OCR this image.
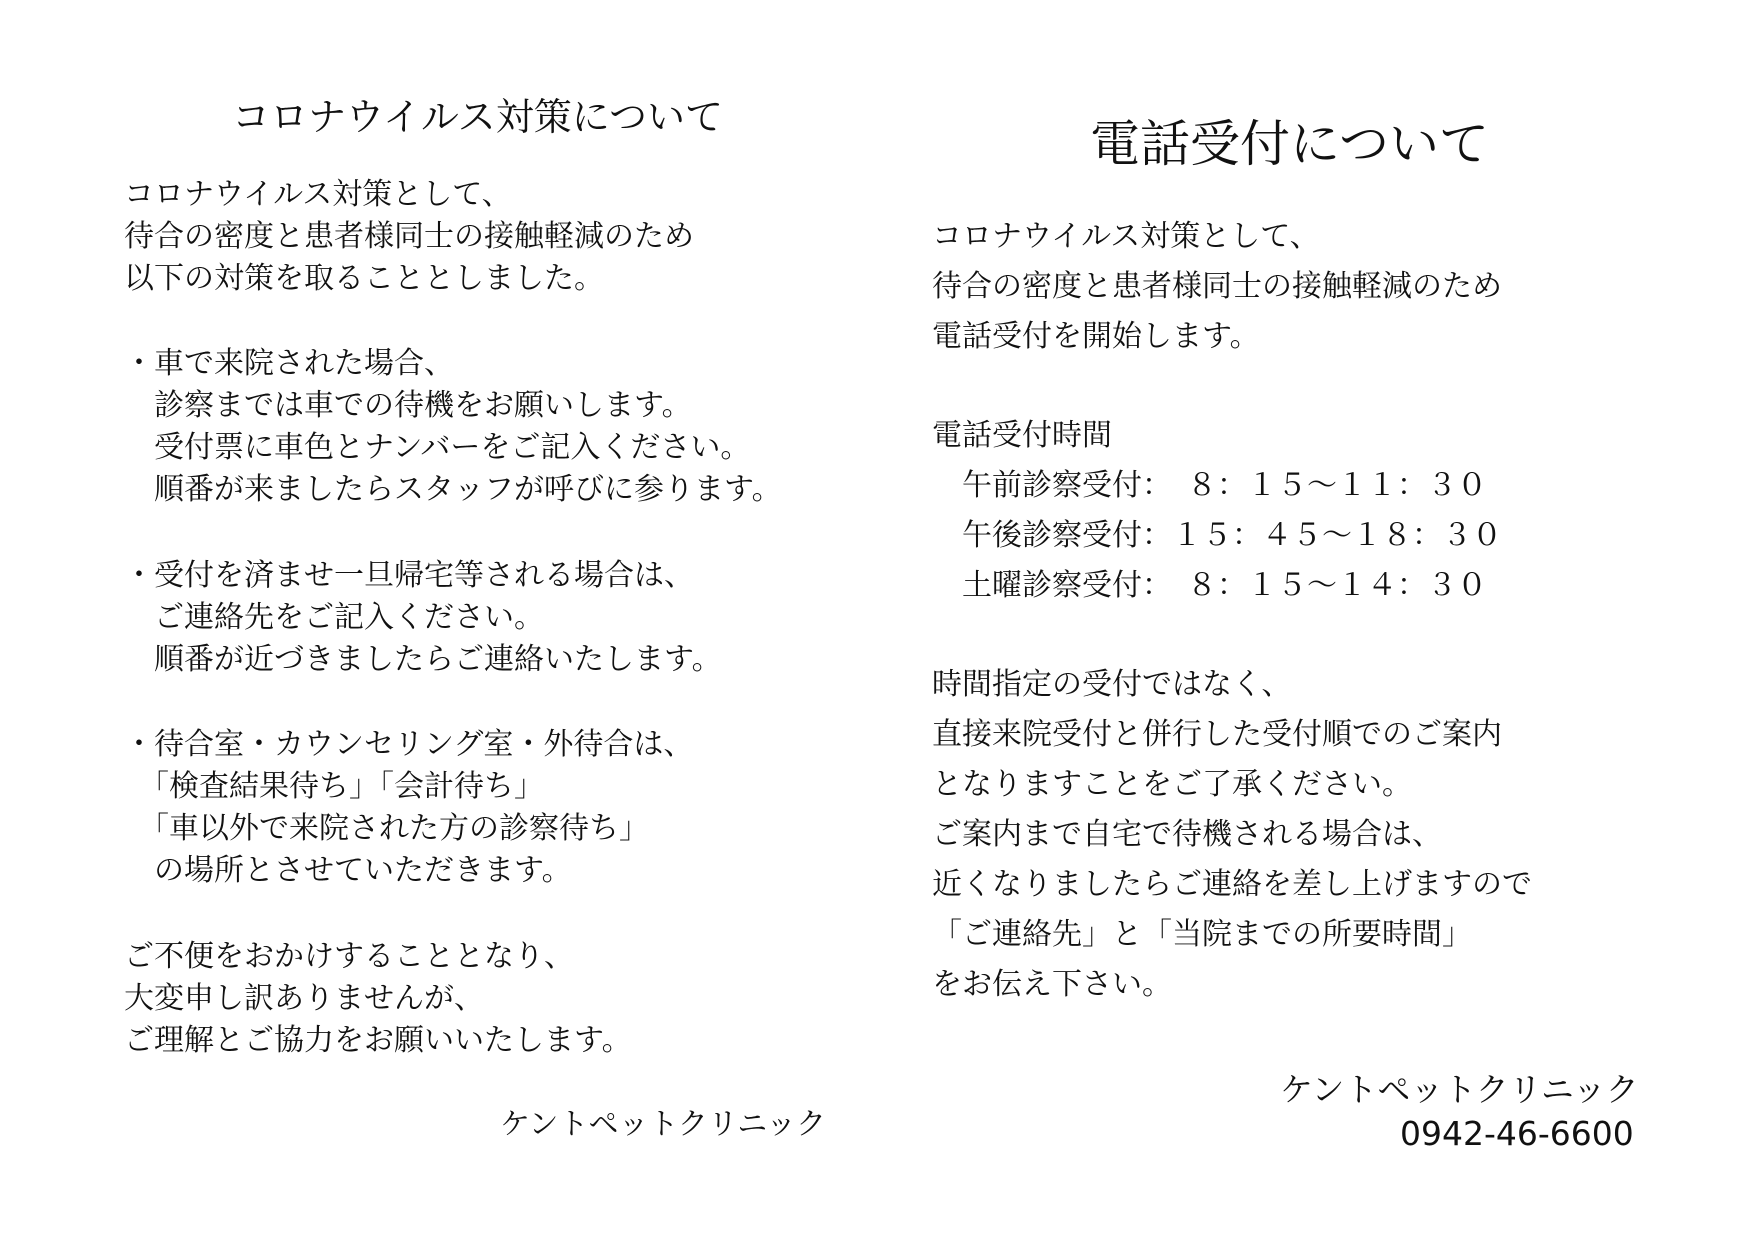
コロナウイルス対策について
コロナウイルス対策として、
待合の密度と患者様同士の接触軽減のため
以下の対策を取ることとしました。
・車で来院された場合、
　診察までは車での待機をお願いします。
　受付票に車色とナンバーをご記入ください。
　順番が来ましたらスタッフが呼びに参ります。
・受付を済ませ一旦帰宅等される場合は、
　ご連絡先をご記入ください。
　順番が近づきましたらご連絡いたします。
・待合室・カウンセリング室・外待合は、
　「検査結果待ち」「会計待ち」
　「車以外で来院された方の診察待ち」
　の場所とさせていただきます。
ご不便をおかけすることとなり、
大変申し訳ありませんが、
ご理解とご協力をお願いいたします。
ケントペットクリニック
電話受付について
コロナウイルス対策として、
待合の密度と患者様同士の接触軽減のため
電話受付を開始します。
電話受付時間
　午前診察受付：　８：１５～１１：３０
　午後診察受付：１５：４５～１８：３０
　土曜診察受付：　８：１５～１４：３０
時間指定の受付ではなく、
直接来院受付と併行した受付順でのご案内
となりますことをご了承ください。
ご案内まで自宅で待機される場合は、
近くなりましたらご連絡を差し上げますので
「ご連絡先」と「当院までの所要時間」
をお伝え下さい。
ケントペットクリニック
0942-46-6600
